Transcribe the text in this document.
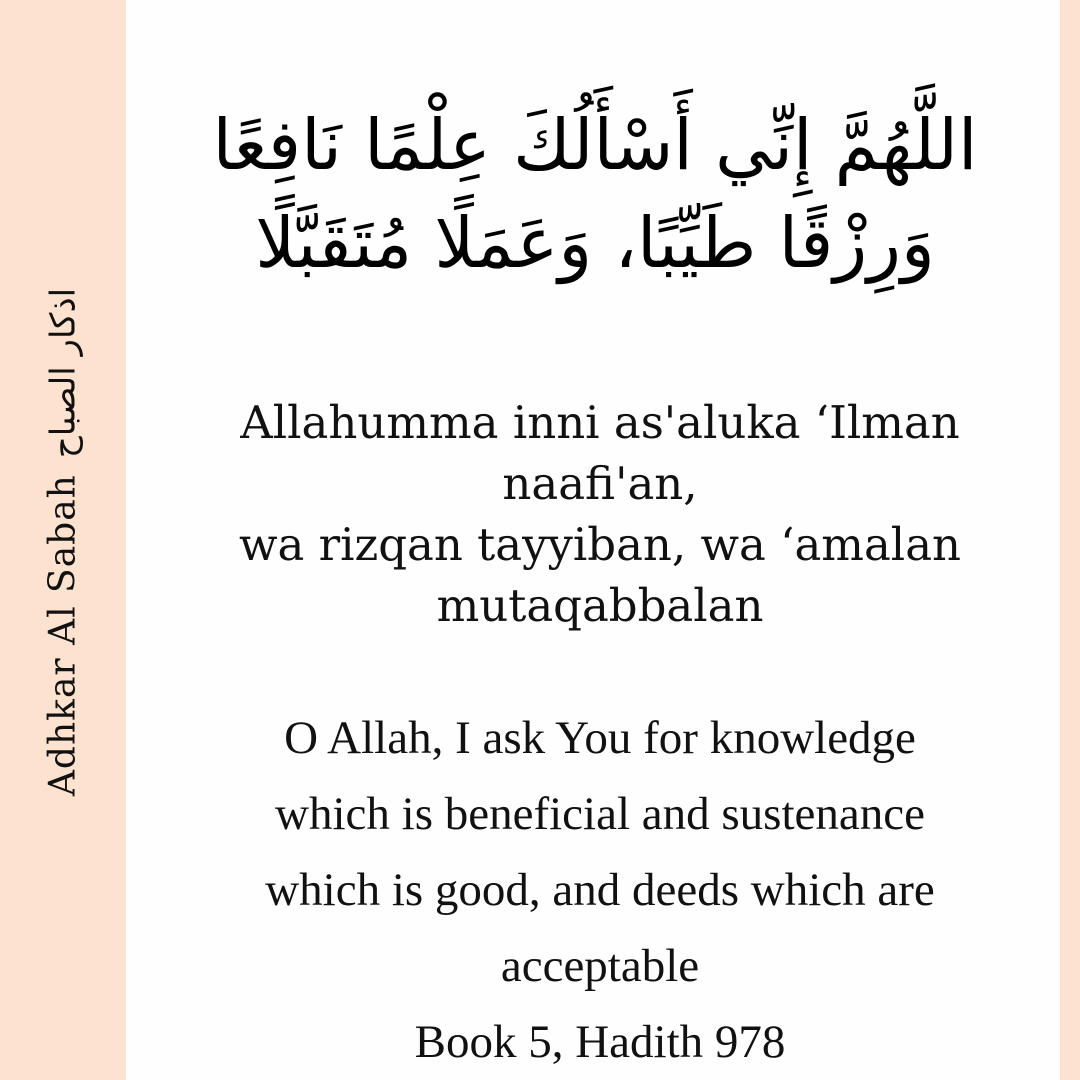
Adhkar Al Sabah
اذكار الصباح
اللَّهُمَّ إِنِّي أَسْأَلُكَ عِلْمًا نَافِعًا
وَرِزْقًا طَيِّبًا، وَعَمَلًا مُتَقَبَّلًا
Allahumma inni as'aluka ‘Ilman
naafi'an,
wa rizqan tayyiban, wa ‘amalan
mutaqabbalan
O Allah, I ask You for knowledge
which is beneficial and sustenance
which is good, and deeds which are
acceptable
Book 5, Hadith 978
